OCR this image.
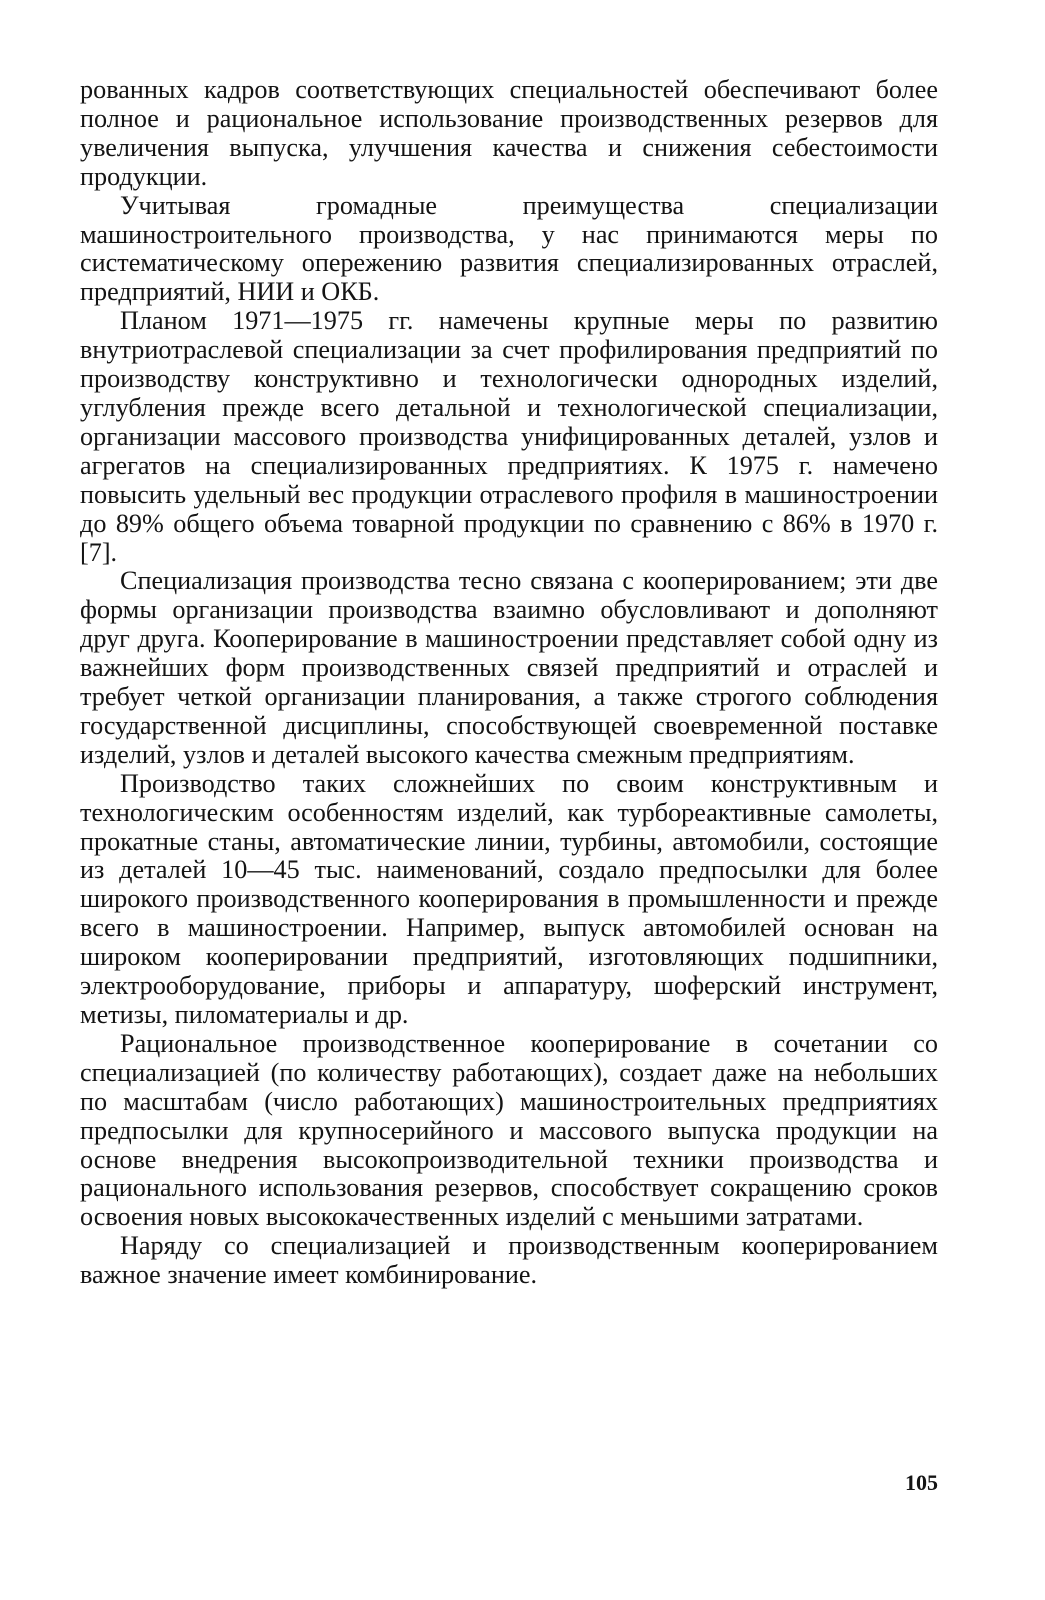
рованных кадров соответствующих специальностей обеспечивают более полное и рациональное использование производственных резервов для увеличения выпуска, улучшения качества и снижения себестоимости продукции.

Учитывая громадные преимущества специализации машиностроительного производства, у нас принимаются меры по систематическому опережению развития специализированных отраслей, предприятий, НИИ и ОКБ.

Планом 1971—1975 гг. намечены крупные меры по развитию внутриотраслевой специализации за счет профилирования предприятий по производству конструктивно и технологически однородных изделий, углубления прежде всего детальной и технологической специализации, организации массового производства унифицированных деталей, узлов и агрегатов на специализированных предприятиях. К 1975 г. намечено повысить удельный вес продукции отраслевого профиля в машиностроении до 89% общего объема товарной продукции по сравнению с 86% в 1970 г. [7].

Специализация производства тесно связана с кооперированием; эти две формы организации производства взаимно обусловливают и дополняют друг друга. Кооперирование в машиностроении представляет собой одну из важнейших форм производственных связей предприятий и отраслей и требует четкой организации планирования, а также строгого соблюдения государственной дисциплины, способствующей своевременной поставке изделий, узлов и деталей высокого качества смежным предприятиям.

Производство таких сложнейших по своим конструктивным и технологическим особенностям изделий, как турбореактивные самолеты, прокатные станы, автоматические линии, турбины, автомобили, состоящие из деталей 10—45 тыс. наименований, создало предпосылки для более широкого производственного кооперирования в промышленности и прежде всего в машиностроении. Например, выпуск автомобилей основан на широком кооперировании предприятий, изготовляющих подшипники, электрооборудование, приборы и аппаратуру, шоферский инструмент, метизы, пиломатериалы и др.

Рациональное производственное кооперирование в сочетании со специализацией (по количеству работающих), создает даже на небольших по масштабам (число работающих) машиностроительных предприятиях предпосылки для крупносерийного и массового выпуска продукции на основе внедрения высокопроизводительной техники производства и рационального использования резервов, способствует сокращению сроков освоения новых высококачественных изделий с меньшими затратами.

Наряду со специализацией и производственным кооперированием важное значение имеет комбинирование.

105
